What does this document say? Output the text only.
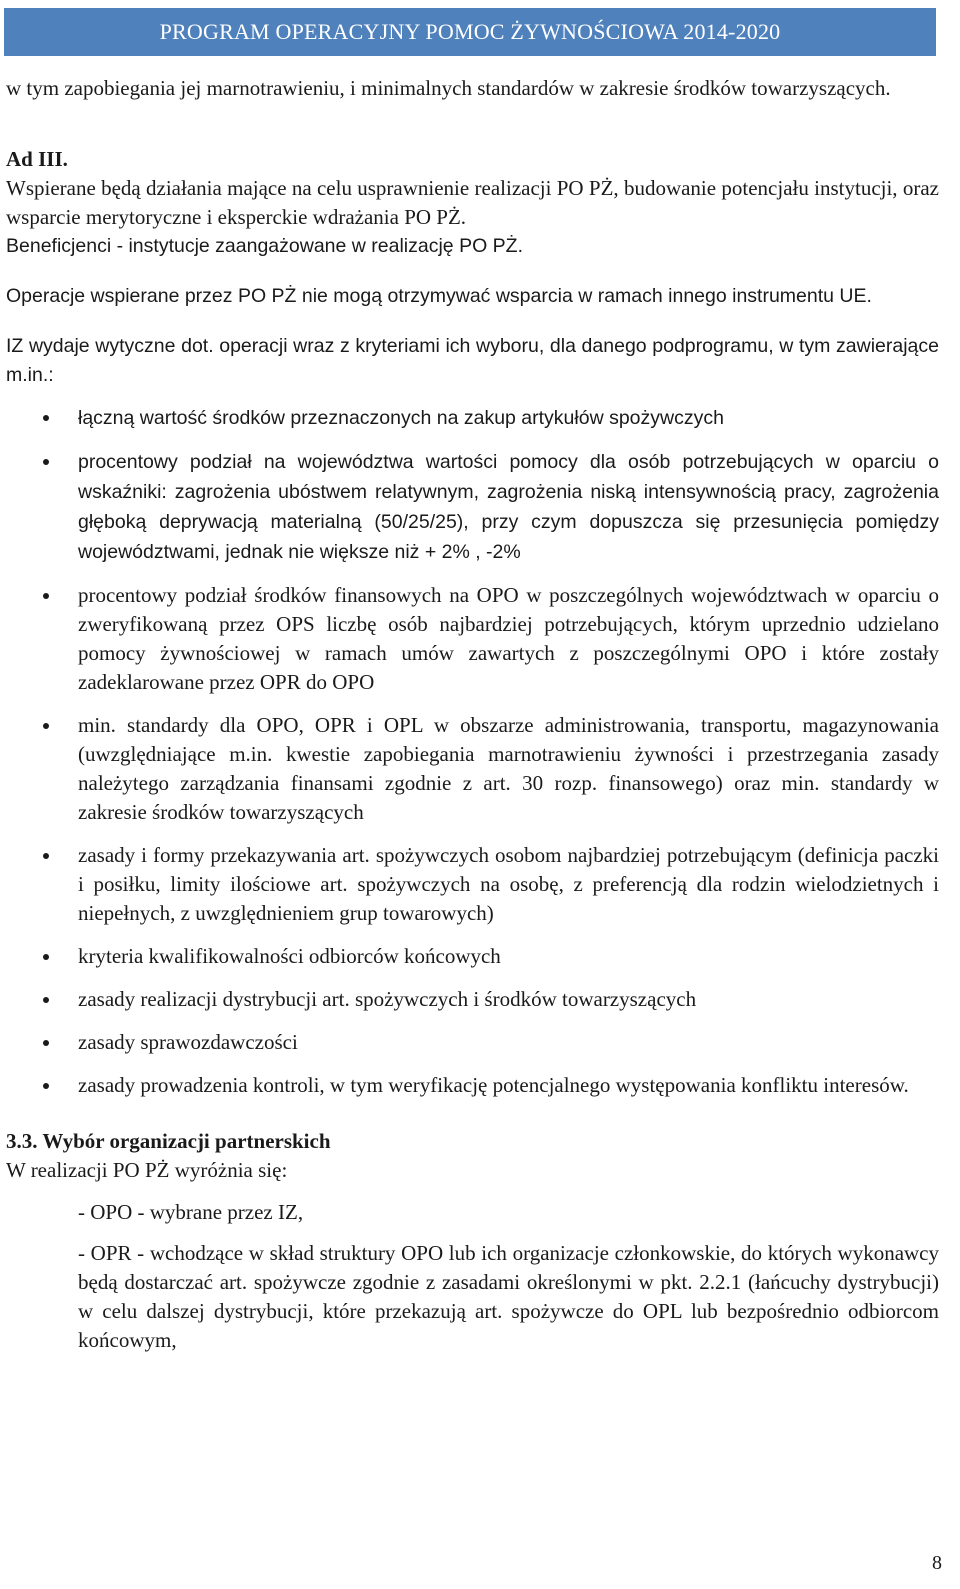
PROGRAM OPERACYJNY POMOC ŻYWNOŚCIOWA 2014-2020

w tym zapobiegania jej marnotrawieniu, i minimalnych standardów w zakresie środków towarzyszących.

Ad III.

Wspierane będą działania mające na celu usprawnienie realizacji PO PŻ, budowanie potencjału instytucji, oraz wsparcie merytoryczne i eksperckie wdrażania PO PŻ.

Beneficjenci - instytucje zaangażowane w realizację PO PŻ.

Operacje wspierane przez PO PŻ nie mogą otrzymywać wsparcia w ramach innego instrumentu UE.

IZ wydaje wytyczne dot. operacji wraz z kryteriami ich wyboru, dla danego podprogramu, w tym zawierające m.in.:

łączną wartość środków przeznaczonych na zakup artykułów spożywczych
procentowy podział na województwa wartości pomocy dla osób potrzebujących w oparciu o wskaźniki: zagrożenia ubóstwem relatywnym, zagrożenia niską intensywnością pracy, zagrożenia głęboką deprywacją materialną (50/25/25), przy czym dopuszcza się przesunięcia pomiędzy województwami, jednak nie większe niż + 2% , -2%
procentowy podział środków finansowych na OPO w poszczególnych województwach w oparciu o zweryfikowaną przez OPS liczbę osób najbardziej potrzebujących, którym uprzednio udzielano pomocy żywnościowej w ramach umów zawartych z poszczególnymi OPO i które zostały zadeklarowane przez OPR do OPO
min. standardy dla OPO, OPR i OPL w obszarze administrowania, transportu, magazynowania (uwzględniające m.in. kwestie zapobiegania marnotrawieniu żywności i przestrzegania zasady należytego zarządzania finansami zgodnie z art. 30 rozp. finansowego) oraz min. standardy w zakresie środków towarzyszących
zasady i formy przekazywania art. spożywczych osobom najbardziej potrzebującym (definicja paczki i posiłku, limity ilościowe art. spożywczych na osobę, z preferencją dla rodzin wielodzietnych i niepełnych, z uwzględnieniem grup towarowych)
kryteria kwalifikowalności odbiorców końcowych
zasady realizacji dystrybucji art. spożywczych i środków towarzyszących
zasady sprawozdawczości
zasady prowadzenia kontroli, w tym weryfikację potencjalnego występowania konfliktu interesów.

3.3. Wybór organizacji partnerskich

W realizacji PO PŻ wyróżnia się:

- OPO - wybrane przez IZ,
- OPR - wchodzące w skład struktury OPO lub ich organizacje członkowskie, do których wykonawcy będą dostarczać art. spożywcze zgodnie z zasadami określonymi w pkt. 2.2.1 (łańcuchy dystrybucji) w celu dalszej dystrybucji, które przekazują art. spożywcze do OPL lub bezpośrednio odbiorcom końcowym,
8
